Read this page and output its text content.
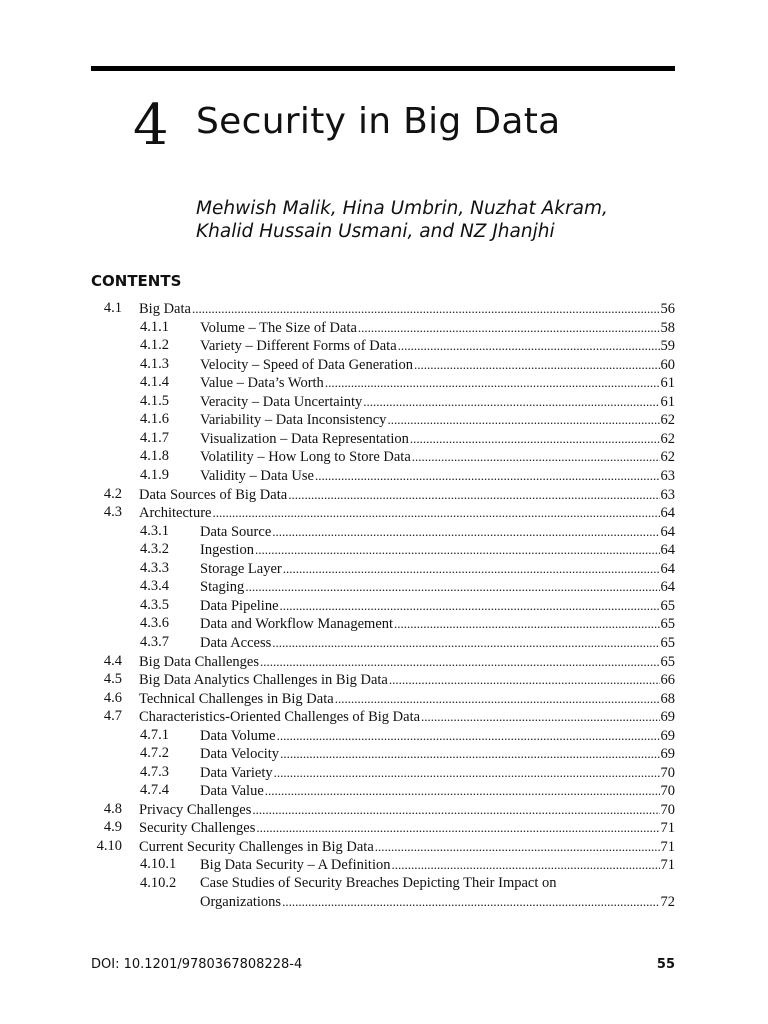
4 Security in Big Data
Mehwish Malik, Hina Umbrin, Nuzhat Akram,
Khalid Hussain Usmani, and NZ Jhanjhi
CONTENTS
4.1 Big Data .....	56
4.1.1	Volume – The Size of Data .....	58
4.1.2	Variety – Different Forms of Data .....	59
4.1.3	Velocity – Speed of Data Generation .....	60
4.1.4	Value – Data’s Worth .....	61
4.1.5	Veracity – Data Uncertainty .....	61
4.1.6	Variability – Data Inconsistency .....	62
4.1.7	Visualization – Data Representation .....	62
4.1.8	Volatility – How Long to Store Data .....	62
4.1.9	Validity – Data Use .....	63
4.2 Data Sources of Big Data .....	63
4.3 Architecture .....	64
4.3.1	Data Source .....	64
4.3.2	Ingestion .....	64
4.3.3	Storage Layer .....	64
4.3.4	Staging .....	64
4.3.5	Data Pipeline .....	65
4.3.6	Data and Workflow Management .....	65
4.3.7	Data Access .....	65
4.4 Big Data Challenges .....	65
4.5 Big Data Analytics Challenges in Big Data .....	66
4.6 Technical Challenges in Big Data .....	68
4.7 Characteristics-Oriented Challenges of Big Data .....	69
4.7.1	Data Volume .....	69
4.7.2	Data Velocity .....	69
4.7.3	Data Variety .....	70
4.7.4	Data Value .....	70
4.8 Privacy Challenges .....	70
4.9 Security Challenges .....	71
4.10 Current Security Challenges in Big Data .....	71
4.10.1	Big Data Security – A Definition .....	71
4.10.2	Case Studies of Security Breaches Depicting Their Impact on
Organizations .....	72
DOI: 10.1201/9780367808228-4	55
